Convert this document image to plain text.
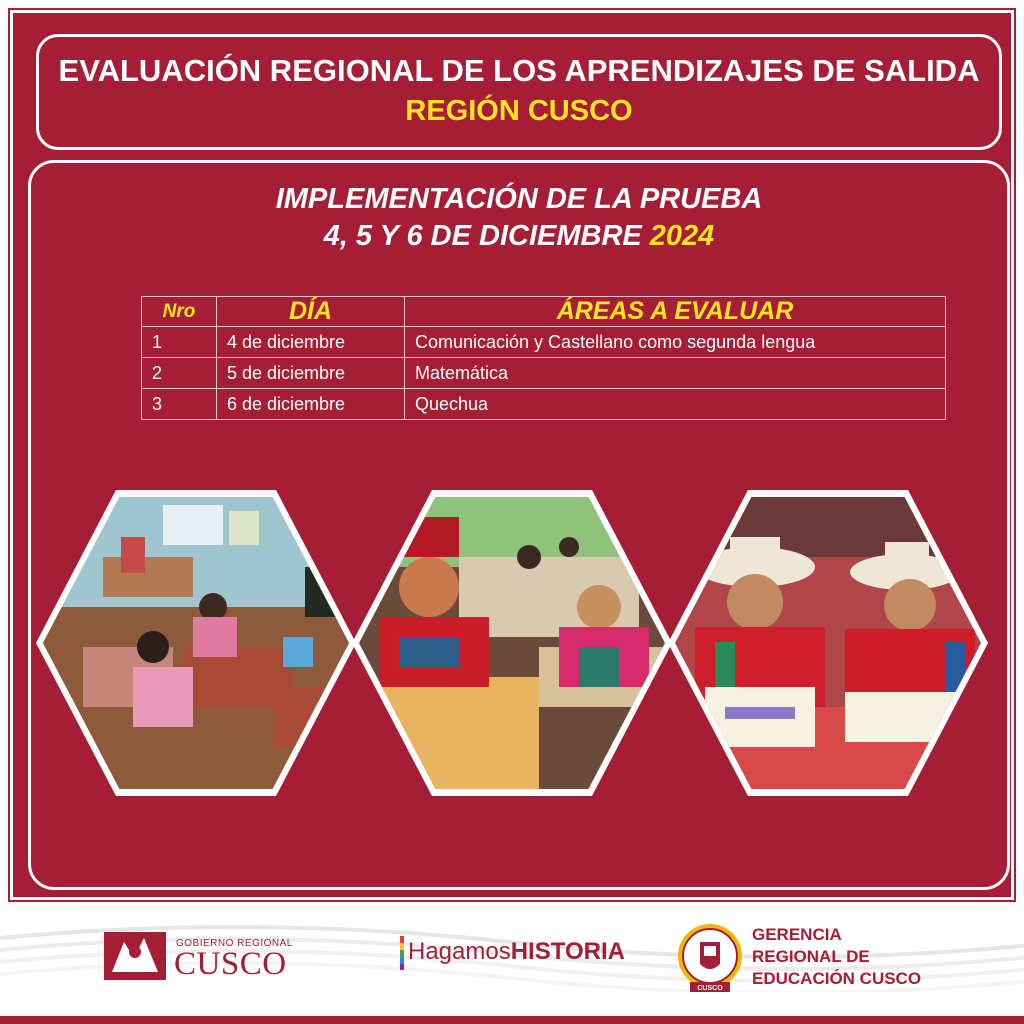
EVALUACIÓN REGIONAL DE LOS APRENDIZAJES DE SALIDA
REGIÓN CUSCO
IMPLEMENTACIÓN DE LA PRUEBA
4, 5 Y 6 DE DICIEMBRE 2024
Nro	DÍA	ÁREAS A EVALUAR
1	4 de diciembre	Comunicación y Castellano como segunda lengua
2	5 de diciembre	Matemática
3	6 de diciembre	Quechua
GOBIERNO REGIONAL
CUSCO	HagamosHISTORIA
CUSCO
GERENCIA
REGIONAL DE
EDUCACIÓN CUSCO
